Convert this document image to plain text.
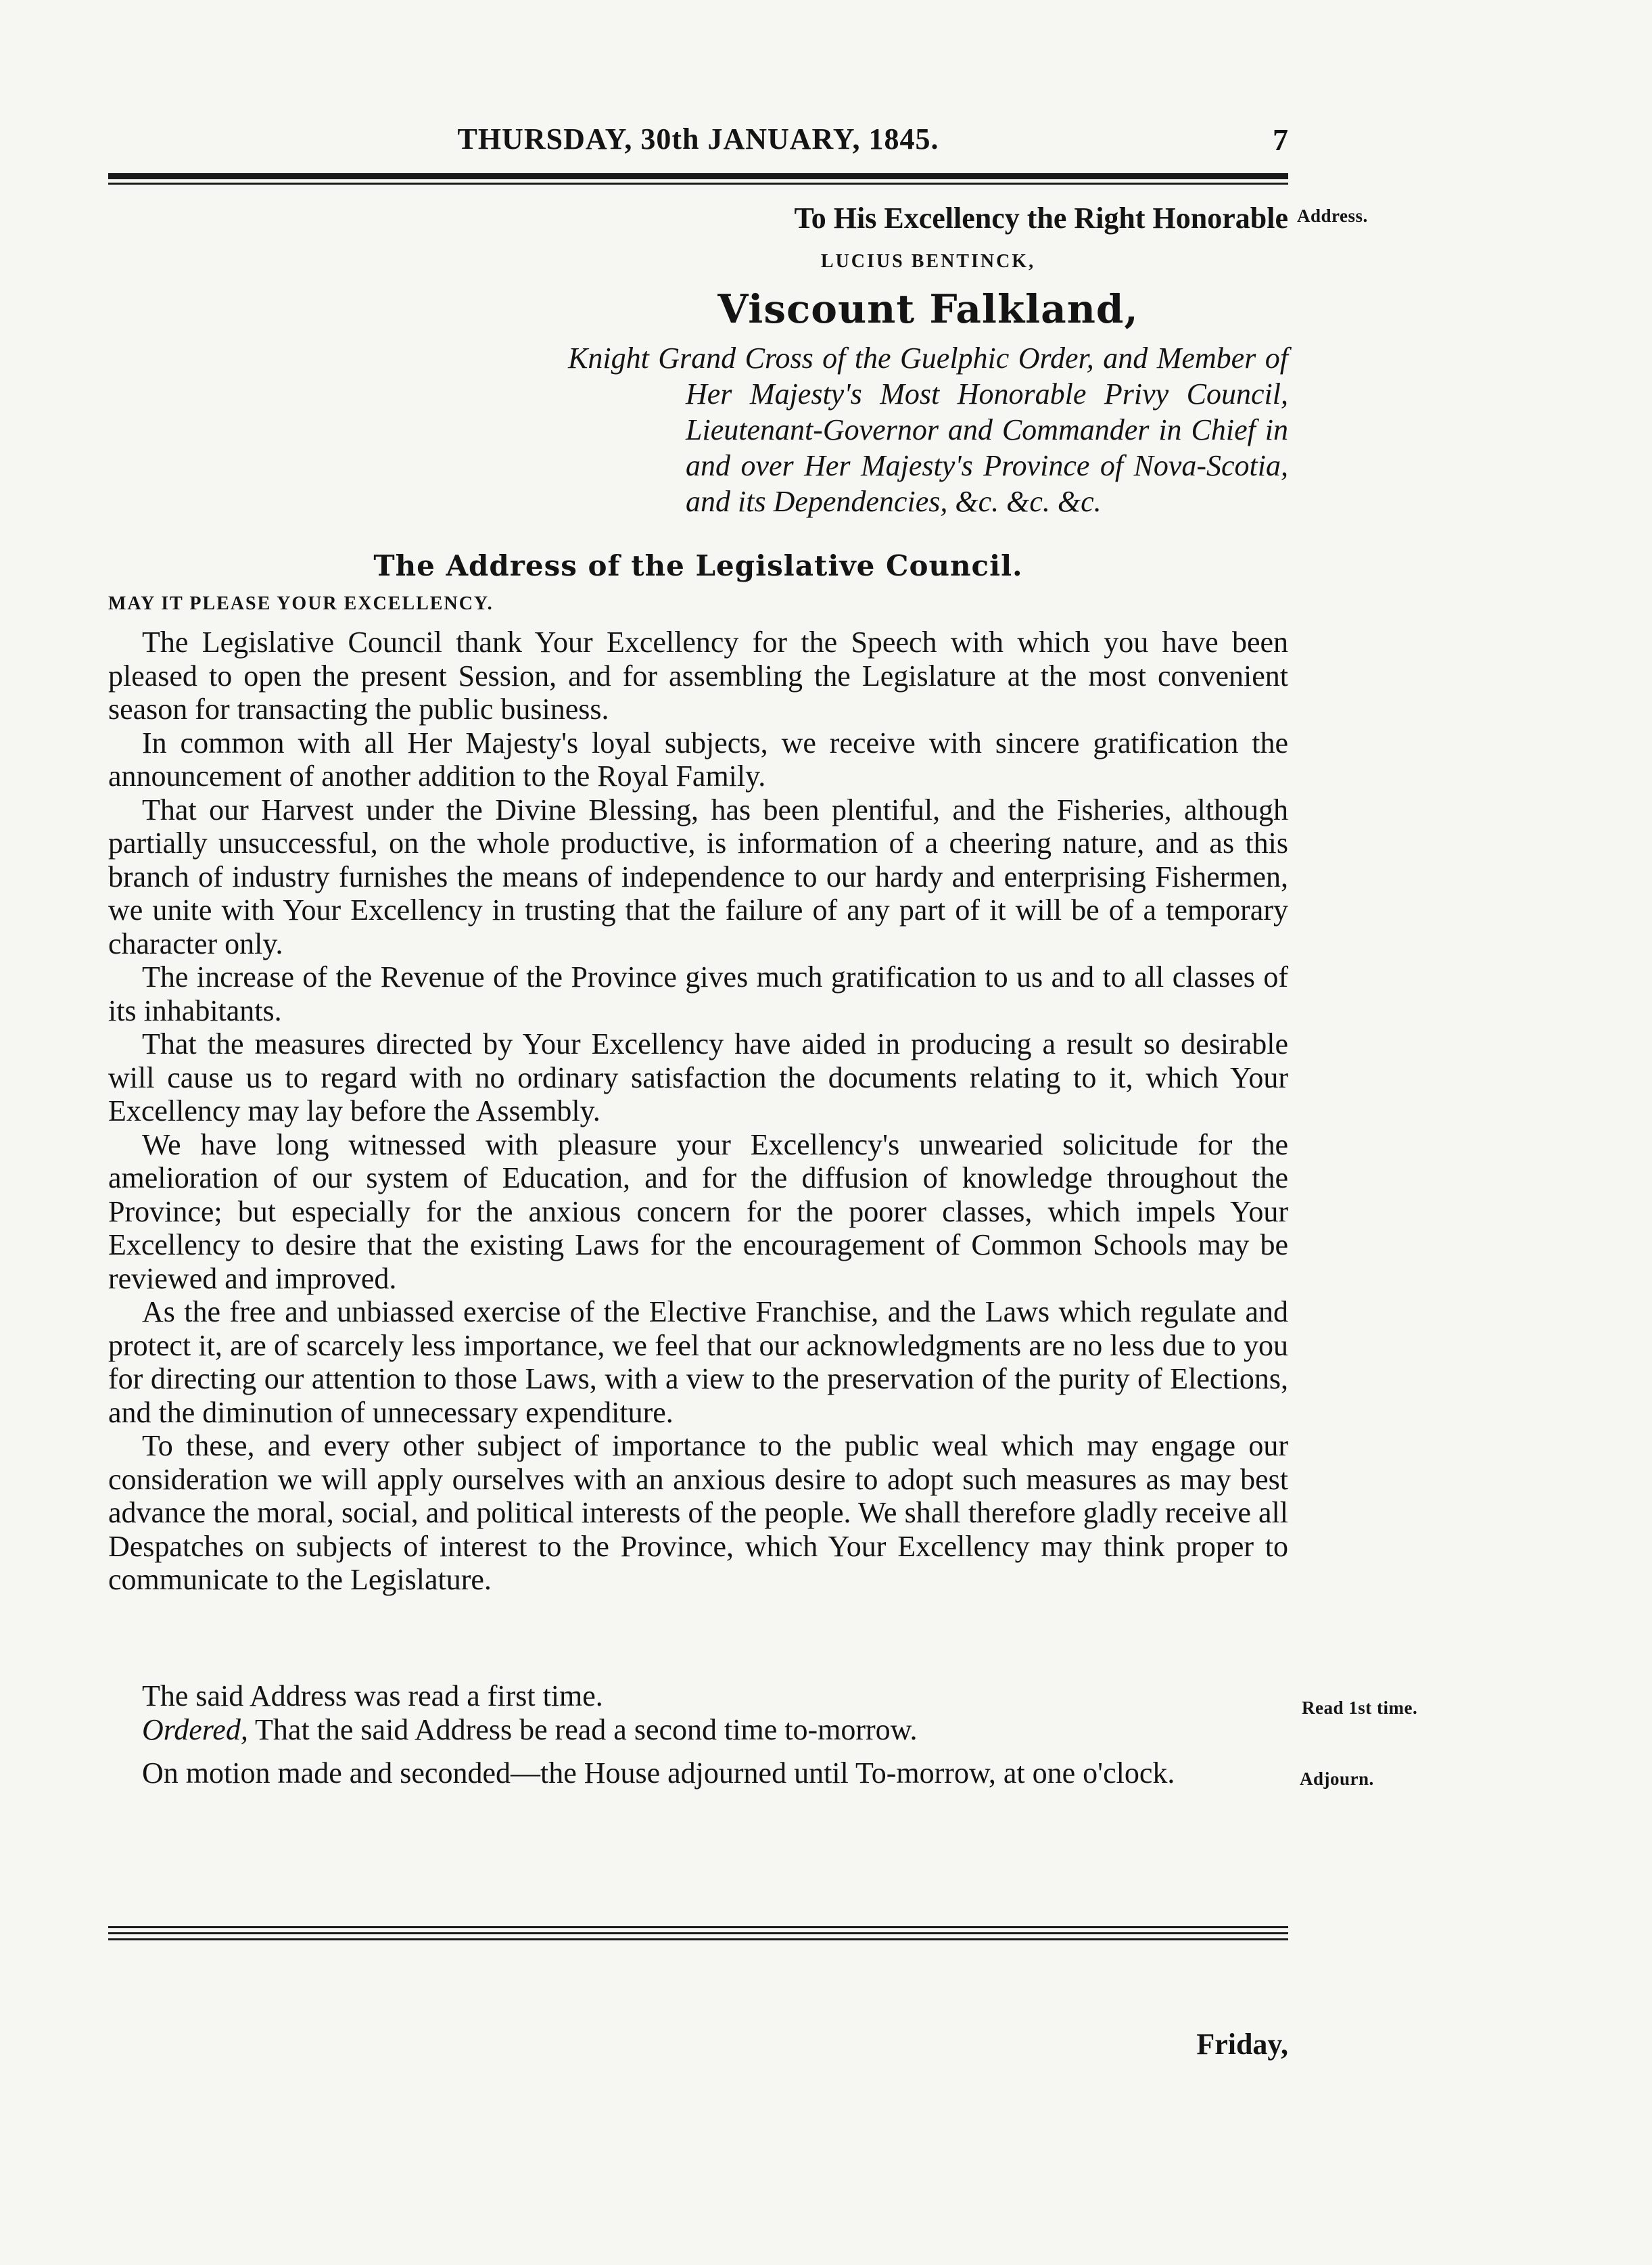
THURSDAY, 30th JANUARY, 1845.	7
Address.

To His Excellency the Right Honorable

LUCIUS BENTINCK,

Viscount Falkland,

Knight Grand Cross of the Guelphic Order, and Member of Her Majesty's Most Honorable Privy Council, Lieutenant-Governor and Commander in Chief in and over Her Majesty's Province of Nova-Scotia, and its Dependencies, &c. &c. &c.

The Address of the Legislative Council.
MAY IT PLEASE YOUR EXCELLENCY.

The Legislative Council thank Your Excellency for the Speech with which you have been pleased to open the present Session, and for assembling the Legislature at the most convenient season for transacting the public business.

In common with all Her Majesty's loyal subjects, we receive with sincere gratification the announcement of another addition to the Royal Family.

That our Harvest under the Divine Blessing, has been plentiful, and the Fisheries, although partially unsuccessful, on the whole productive, is information of a cheering nature, and as this branch of industry furnishes the means of independence to our hardy and enterprising Fishermen, we unite with Your Excellency in trusting that the failure of any part of it will be of a temporary character only.

The increase of the Revenue of the Province gives much gratification to us and to all classes of its inhabitants.

That the measures directed by Your Excellency have aided in producing a result so desirable will cause us to regard with no ordinary satisfaction the documents relating to it, which Your Excellency may lay before the Assembly.

We have long witnessed with pleasure your Excellency's unwearied solicitude for the amelioration of our system of Education, and for the diffusion of knowledge throughout the Province; but especially for the anxious concern for the poorer classes, which impels Your Excellency to desire that the existing Laws for the encouragement of Common Schools may be reviewed and improved.

As the free and unbiassed exercise of the Elective Franchise, and the Laws which regulate and protect it, are of scarcely less importance, we feel that our acknowledgments are no less due to you for directing our attention to those Laws, with a view to the preservation of the purity of Elections, and the diminution of unnecessary expenditure.

To these, and every other subject of importance to the public weal which may engage our consideration we will apply ourselves with an anxious desire to adopt such measures as may best advance the moral, social, and political interests of the people. We shall therefore gladly receive all Despatches on subjects of interest to the Province, which Your Excellency may think proper to communicate to the Legislature.

The said Address was read a first time.

Ordered, That the said Address be read a second time to-morrow.

On motion made and seconded—the House adjourned until To-morrow, at one o'clock.

Read 1st time.
Adjourn.
Friday,
